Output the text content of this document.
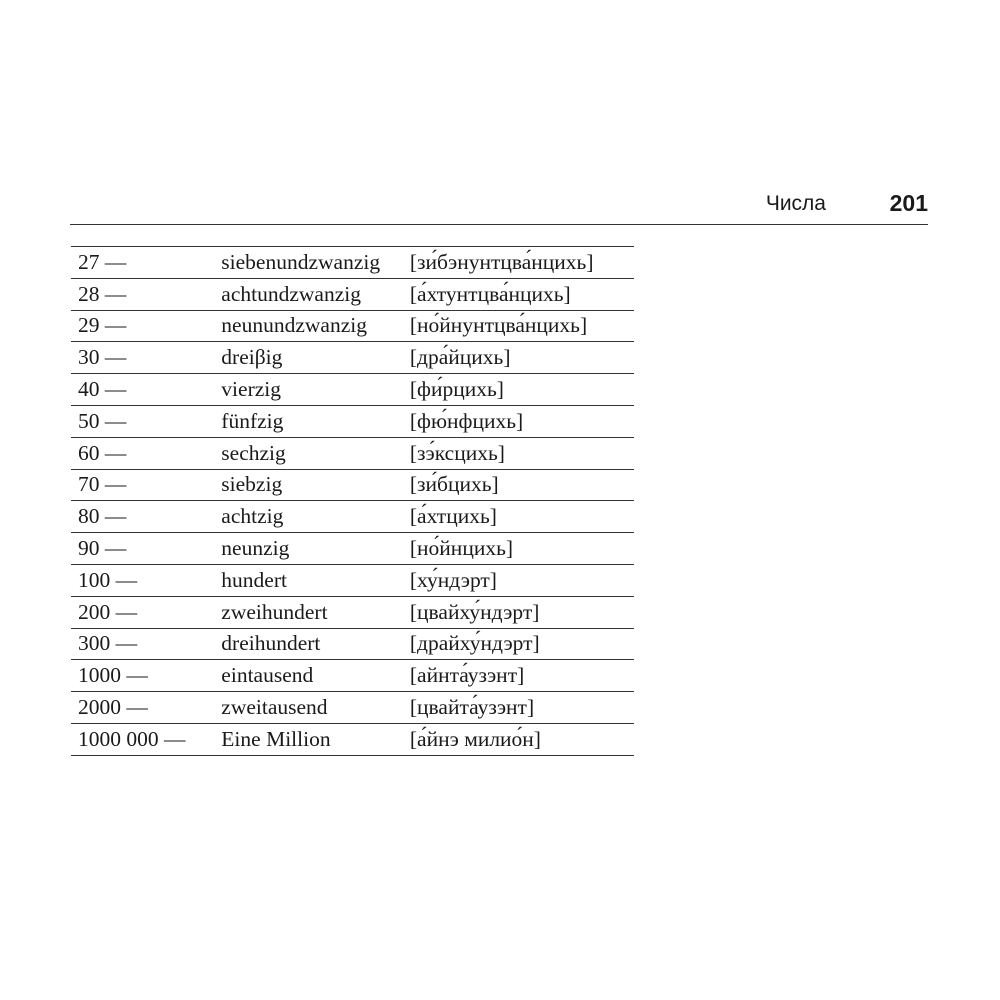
Числа	201
27 —	siebenundzwanzig	[зи́бэнунтцва́нцихь]
28 —	achtundzwanzig	[а́хтунтцва́нцихь]
29 —	neunundzwanzig	[но́йнунтцва́нцихь]
30 —	dreiβig	[дра́йцихь]
40 —	vierzig	[фи́рцихь]
50 —	fünfzig	[фю́нфцихь]
60 —	sechzig	[зэ́ксцихь]
70 —	siebzig	[зи́бцихь]
80 —	achtzig	[а́хтцихь]
90 —	neunzig	[но́йнцихь]
100 —	hundert	[ху́ндэрт]
200 —	zweihundert	[цвайху́ндэрт]
300 —	dreihundert	[драйху́ндэрт]
1000 —	eintausend	[айнта́узэнт]
2000 —	zweitausend	[цвайта́узэнт]
1000 000 —	Eine Million	[а́йнэ милио́н]
